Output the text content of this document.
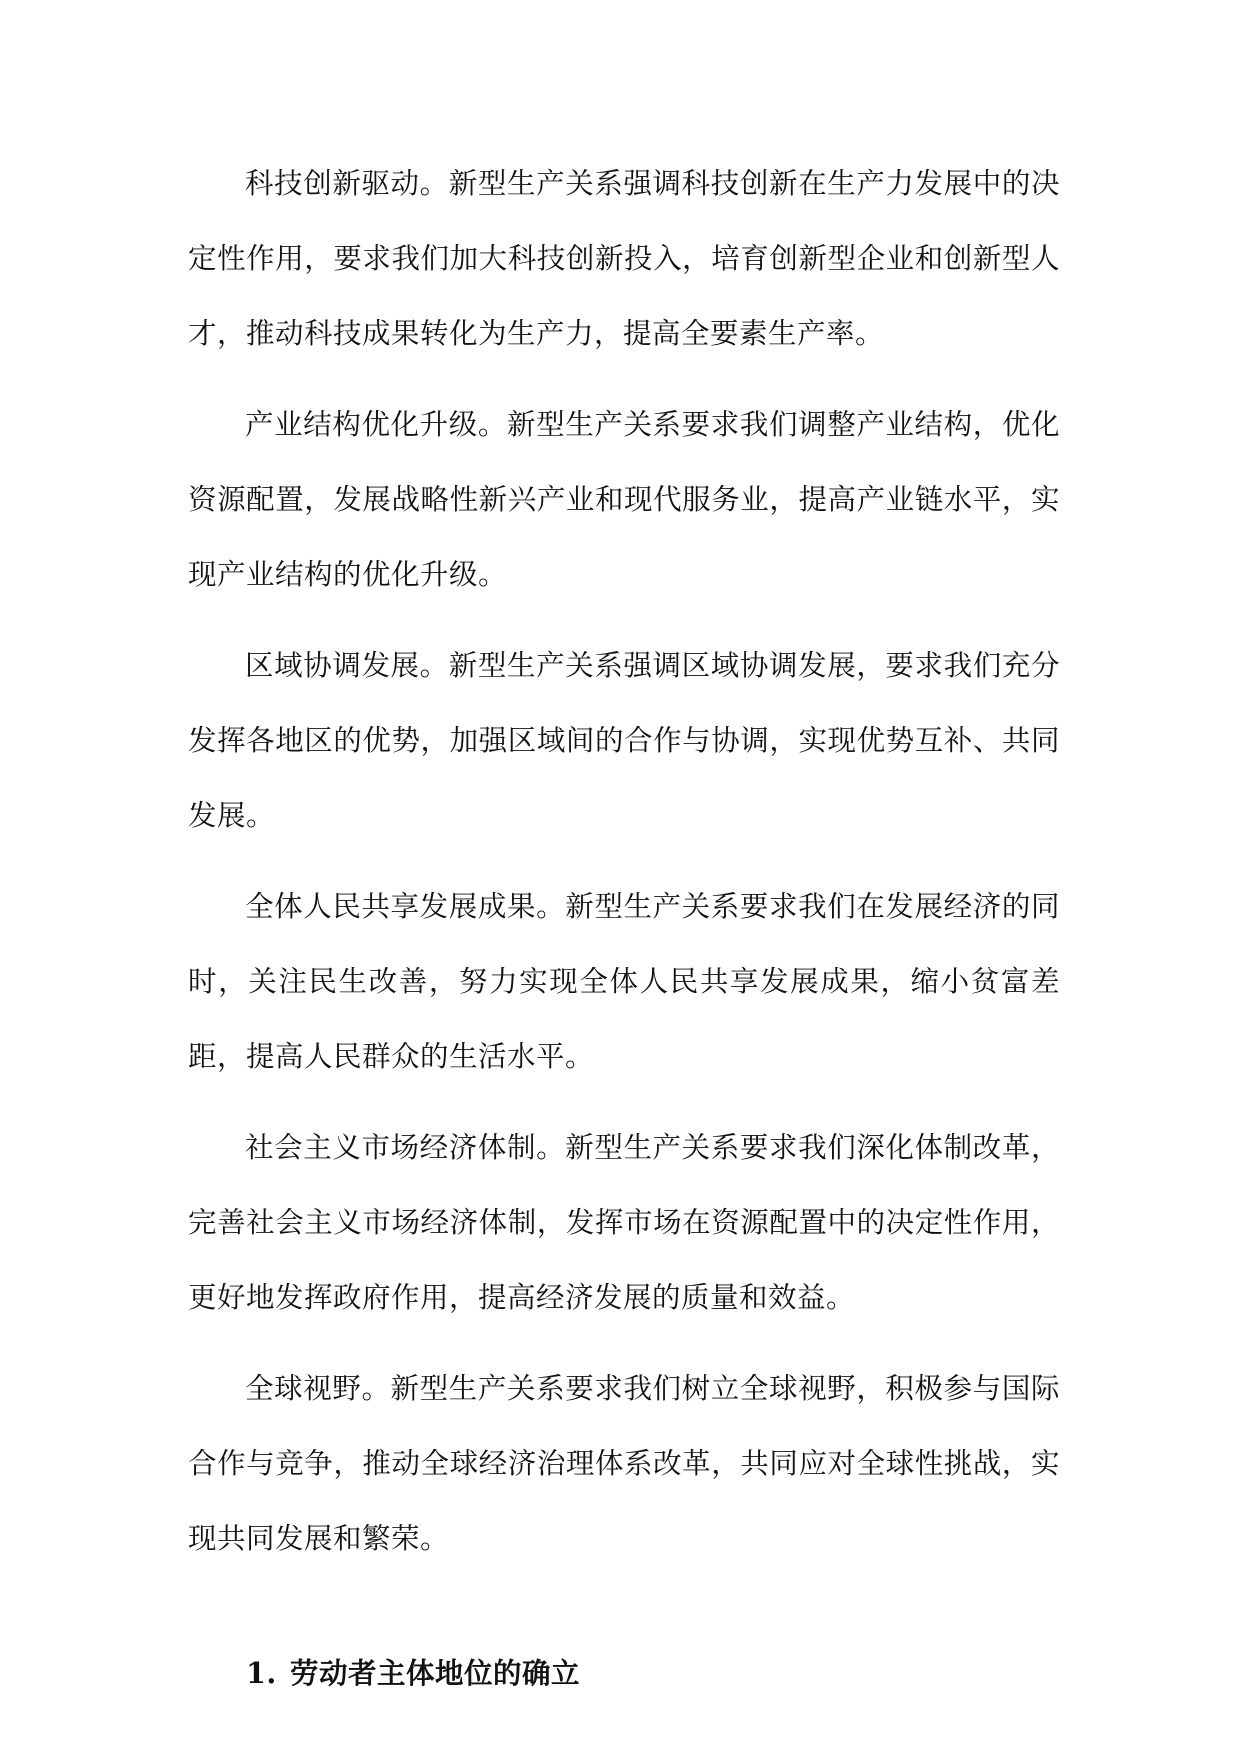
科技创新驱动。新型生产关系强调科技创新在生产力发展中的决定性作用，要求我们加大科技创新投入，培育创新型企业和创新型人才，推动科技成果转化为生产力，提高全要素生产率。

产业结构优化升级。新型生产关系要求我们调整产业结构，优化资源配置，发展战略性新兴产业和现代服务业，提高产业链水平，实现产业结构的优化升级。

区域协调发展。新型生产关系强调区域协调发展，要求我们充分发挥各地区的优势，加强区域间的合作与协调，实现优势互补、共同发展。

全体人民共享发展成果。新型生产关系要求我们在发展经济的同时，关注民生改善，努力实现全体人民共享发展成果，缩小贫富差距，提高人民群众的生活水平。

社会主义市场经济体制。新型生产关系要求我们深化体制改革，完善社会主义市场经济体制，发挥市场在资源配置中的决定性作用，更好地发挥政府作用，提高经济发展的质量和效益。

全球视野。新型生产关系要求我们树立全球视野，积极参与国际合作与竞争，推动全球经济治理体系改革，共同应对全球性挑战，实现共同发展和繁荣。

1. 劳动者主体地位的确立
